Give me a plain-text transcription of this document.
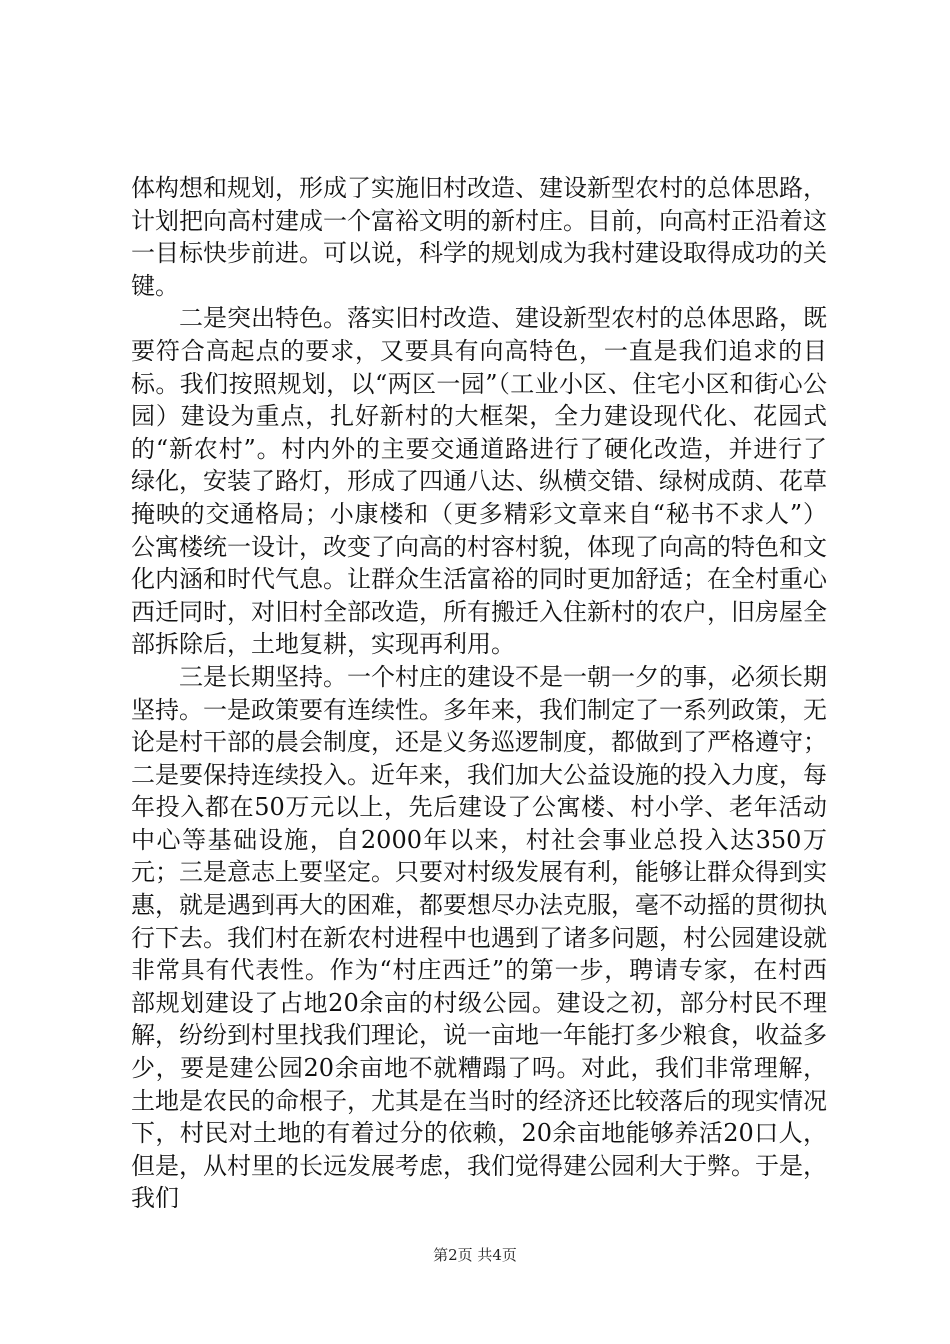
体构想和规划，形成了实施旧村改造、建设新型农村的总体思路，计划把向高村建成一个富裕文明的新村庄。目前，向高村正沿着这一目标快步前进。可以说，科学的规划成为我村建设取得成功的关键。

二是突出特色。落实旧村改造、建设新型农村的总体思路，既要符合高起点的要求，又要具有向高特色，一直是我们追求的目标。我们按照规划，以“两区一园”（工业小区、住宅小区和街心公园）建设为重点，扎好新村的大框架，全力建设现代化、花园式的“新农村”。村内外的主要交通道路进行了硬化改造，并进行了绿化，安装了路灯，形成了四通八达、纵横交错、绿树成荫、花草掩映的交通格局；小康楼和（更多精彩文章来自“秘书不求人”）公寓楼统一设计，改变了向高的村容村貌，体现了向高的特色和文化内涵和时代气息。让群众生活富裕的同时更加舒适；在全村重心西迁同时，对旧村全部改造，所有搬迁入住新村的农户，旧房屋全部拆除后，土地复耕，实现再利用。

三是长期坚持。一个村庄的建设不是一朝一夕的事，必须长期坚持。一是政策要有连续性。多年来，我们制定了一系列政策，无论是村干部的晨会制度，还是义务巡逻制度，都做到了严格遵守；二是要保持连续投入。近年来，我们加大公益设施的投入力度，每年投入都在50万元以上，先后建设了公寓楼、村小学、老年活动中心等基础设施，自2000年以来，村社会事业总投入达350万元；三是意志上要坚定。只要对村级发展有利，能够让群众得到实惠，就是遇到再大的困难，都要想尽办法克服，毫不动摇的贯彻执行下去。我们村在新农村进程中也遇到了诸多问题，村公园建设就非常具有代表性。作为“村庄西迁”的第一步，聘请专家，在村西部规划建设了占地20余亩的村级公园。建设之初，部分村民不理解，纷纷到村里找我们理论，说一亩地一年能打多少粮食，收益多少，要是建公园20余亩地不就糟蹋了吗。对此，我们非常理解，土地是农民的命根子，尤其是在当时的经济还比较落后的现实情况下，村民对土地的有着过分的依赖，20余亩地能够养活20口人，但是，从村里的长远发展考虑，我们觉得建公园利大于弊。于是，我们

第2页 共4页
